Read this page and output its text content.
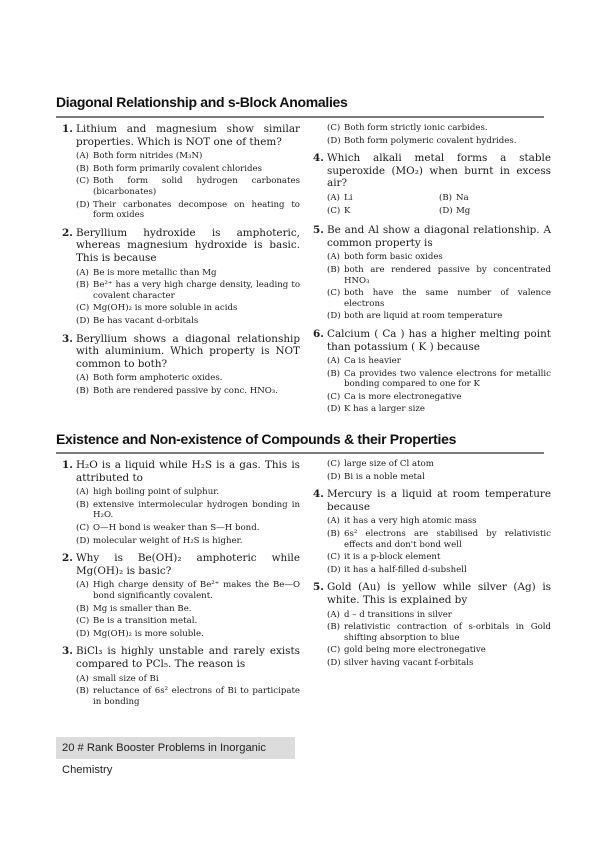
Diagonal Relationship and s-Block Anomalies
1. Lithium and magnesium show similar properties. Which is NOT one of them?
(A) Both form nitrides (M₃N)
(B) Both form primarily covalent chlorides
(C) Both form solid hydrogen carbonates (bicarbonates)
(D) Their carbonates decompose on heating to form oxides
2. Beryllium hydroxide is amphoteric, whereas magnesium hydroxide is basic. This is because
(A) Be is more metallic than Mg
(B) Be²⁺ has a very high charge density, leading to covalent character
(C) Mg(OH)₂ is more soluble in acids
(D) Be has vacant d-orbitals
3. Beryllium shows a diagonal relationship with aluminium. Which property is NOT common to both?
(A) Both form amphoteric oxides.
(B) Both are rendered passive by conc. HNO₃.
(C) Both form strictly ionic carbides.
(D) Both form polymeric covalent hydrides.
4. Which alkali metal forms a stable superoxide (MO₂) when burnt in excess air?
(A) Li	(B) Na
(C) K	(D) Mg
5. Be and Al show a diagonal relationship. A common property is
(A) both form basic oxides
(B) both are rendered passive by concentrated HNO₃
(C) both have the same number of valence electrons
(D) both are liquid at room temperature
6. Calcium ( Ca ) has a higher melting point than potassium ( K ) because
(A) Ca is heavier
(B) Ca provides two valence electrons for metallic bonding compared to one for K
(C) Ca is more electronegative
(D) K has a larger size
Existence and Non-existence of Compounds & their Properties
1. H₂O is a liquid while H₂S is a gas. This is attributed to
(A) high boiling point of sulphur.
(B) extensive intermolecular hydrogen bonding in H₂O.
(C) O—H bond is weaker than S—H bond.
(D) molecular weight of H₂S is higher.
2. Why is Be(OH)₂ amphoteric while Mg(OH)₂ is basic?
(A) High charge density of Be²⁺ makes the Be—O bond significantly covalent.
(B) Mg is smaller than Be.
(C) Be is a transition metal.
(D) Mg(OH)₂ is more soluble.
3. BiCl₃ is highly unstable and rarely exists compared to PCl₅. The reason is
(A) small size of Bi
(B) reluctance of 6s² electrons of Bi to participate in bonding
(C) large size of Cl atom
(D) Bi is a noble metal
4. Mercury is a liquid at room temperature because
(A) it has a very high atomic mass
(B) 6s² electrons are stabilised by relativistic effects and don't bond well
(C) it is a p-block element
(D) it has a half-filled d-subshell
5. Gold (Au) is yellow while silver (Ag) is white. This is explained by
(A) d – d transitions in silver
(B) relativistic contraction of s-orbitals in Gold shifting absorption to blue
(C) gold being more electronegative
(D) silver having vacant f-orbitals
20 # Rank Booster Problems in Inorganic Chemistry
